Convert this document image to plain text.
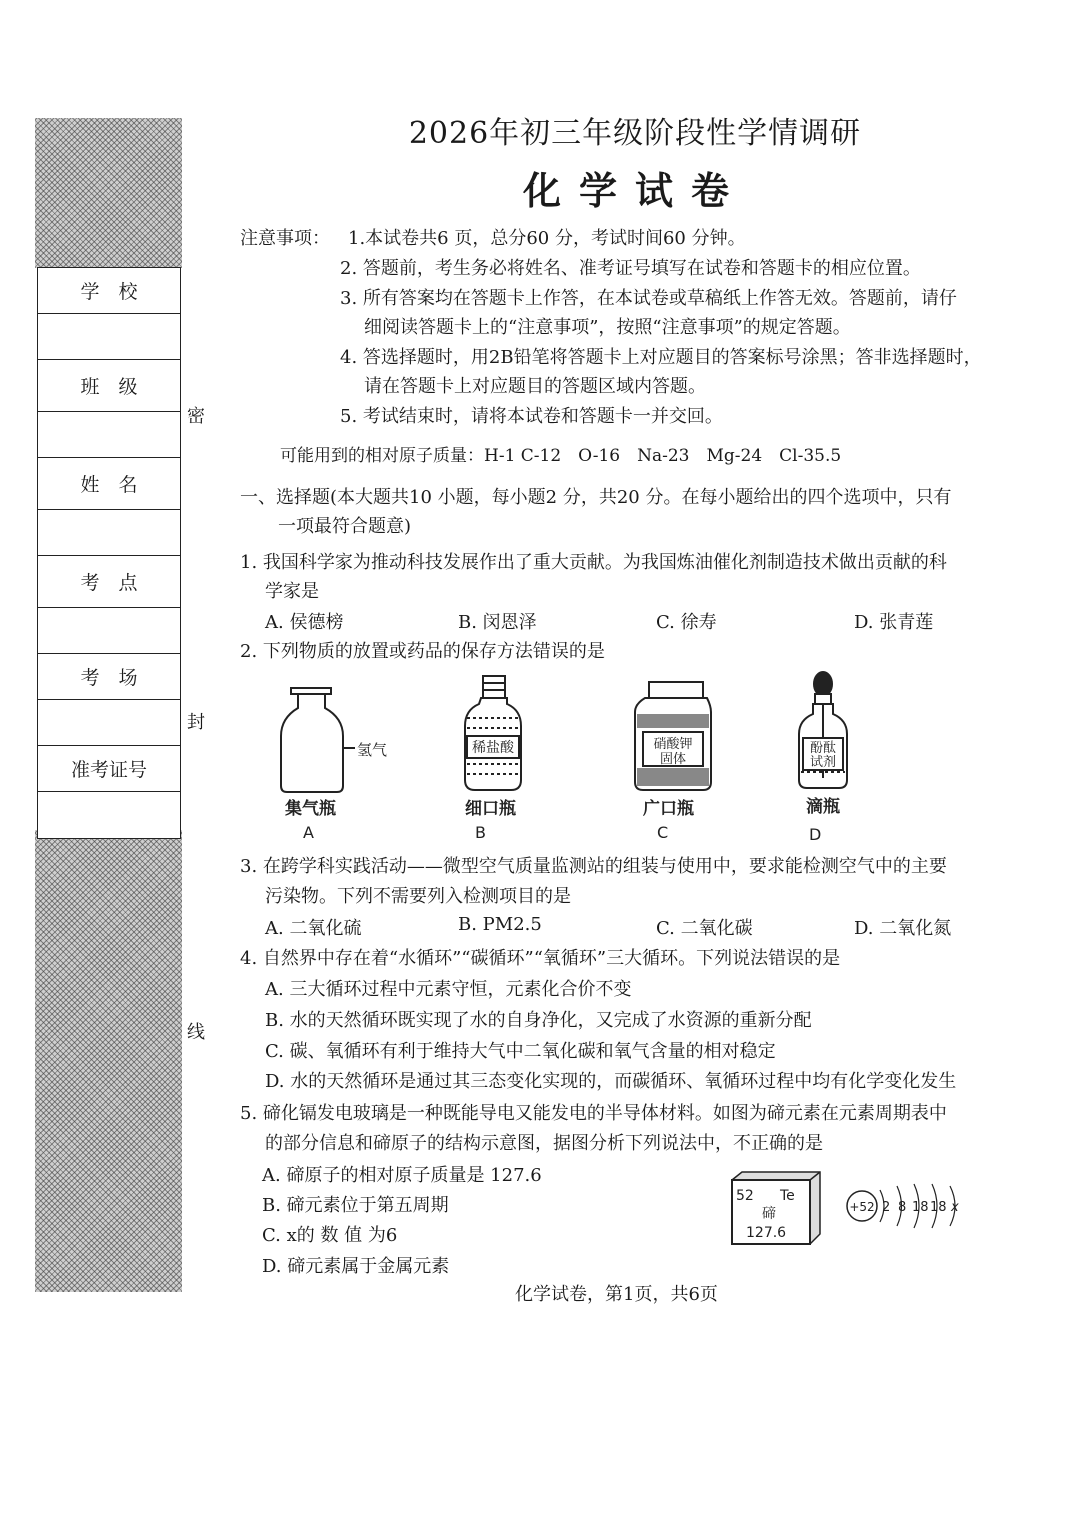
学　校
班　级
姓　名
考　点
考　场
准考证号
密
封
线
2026年初三年级阶段性学情调研
化学试卷
注意事项： 1.本试卷共6 页，总分60 分，考试时间60 分钟。
2. 答题前，考生务必将姓名、准考证号填写在试卷和答题卡的相应位置。
3. 所有答案均在答题卡上作答，在本试卷或草稿纸上作答无效。答题前，请仔
细阅读答题卡上的“注意事项”，按照“注意事项”的规定答题。
4. 答选择题时，用2B铅笔将答题卡上对应题目的答案标号涂黑；答非选择题时，
请在答题卡上对应题目的答题区域内答题。
5. 考试结束时，请将本试卷和答题卡一并交回。
可能用到的相对原子质量：H-1 C-12　O-16　Na-23　Mg-24　Cl-35.5
一、选择题(本大题共10 小题，每小题2 分，共20 分。在每小题给出的四个选项中，只有
一项最符合题意)
1. 我国科学家为推动科技发展作出了重大贡献。为我国炼油催化剂制造技术做出贡献的科
学家是
A. 侯德榜	B. 闵恩泽	C. 徐寿	D. 张青莲
2. 下列物质的放置或药品的保存方法错误的是
氢气
集气瓶
A
稀盐酸
细口瓶
B
硝酸钾
固体
广口瓶
C
酚酞
试剂
滴瓶
D
3. 在跨学科实践活动——微型空气质量监测站的组装与使用中，要求能检测空气中的主要
污染物。下列不需要列入检测项目的是
A. 二氧化硫	B. PM2.5	C. 二氧化碳	D. 二氧化氮
4. 自然界中存在着“水循环”“碳循环”“氧循环”三大循环。下列说法错误的是
A. 三大循环过程中元素守恒，元素化合价不变
B. 水的天然循环既实现了水的自身净化，又完成了水资源的重新分配
C. 碳、氧循环有利于维持大气中二氧化碳和氧气含量的相对稳定
D. 水的天然循环是通过其三态变化实现的，而碳循环、氧循环过程中均有化学变化发生
5. 碲化镉发电玻璃是一种既能导电又能发电的半导体材料。如图为碲元素在元素周期表中
的部分信息和碲原子的结构示意图，据图分析下列说法中，不正确的是
A. 碲原子的相对原子质量是 127.6
B. 碲元素位于第五周期
C. x的 数 值 为6
D. 碲元素属于金属元素
52 Te
碲
127.6
+52 2 8 18 18 x
化学试卷，第1页，共6页
